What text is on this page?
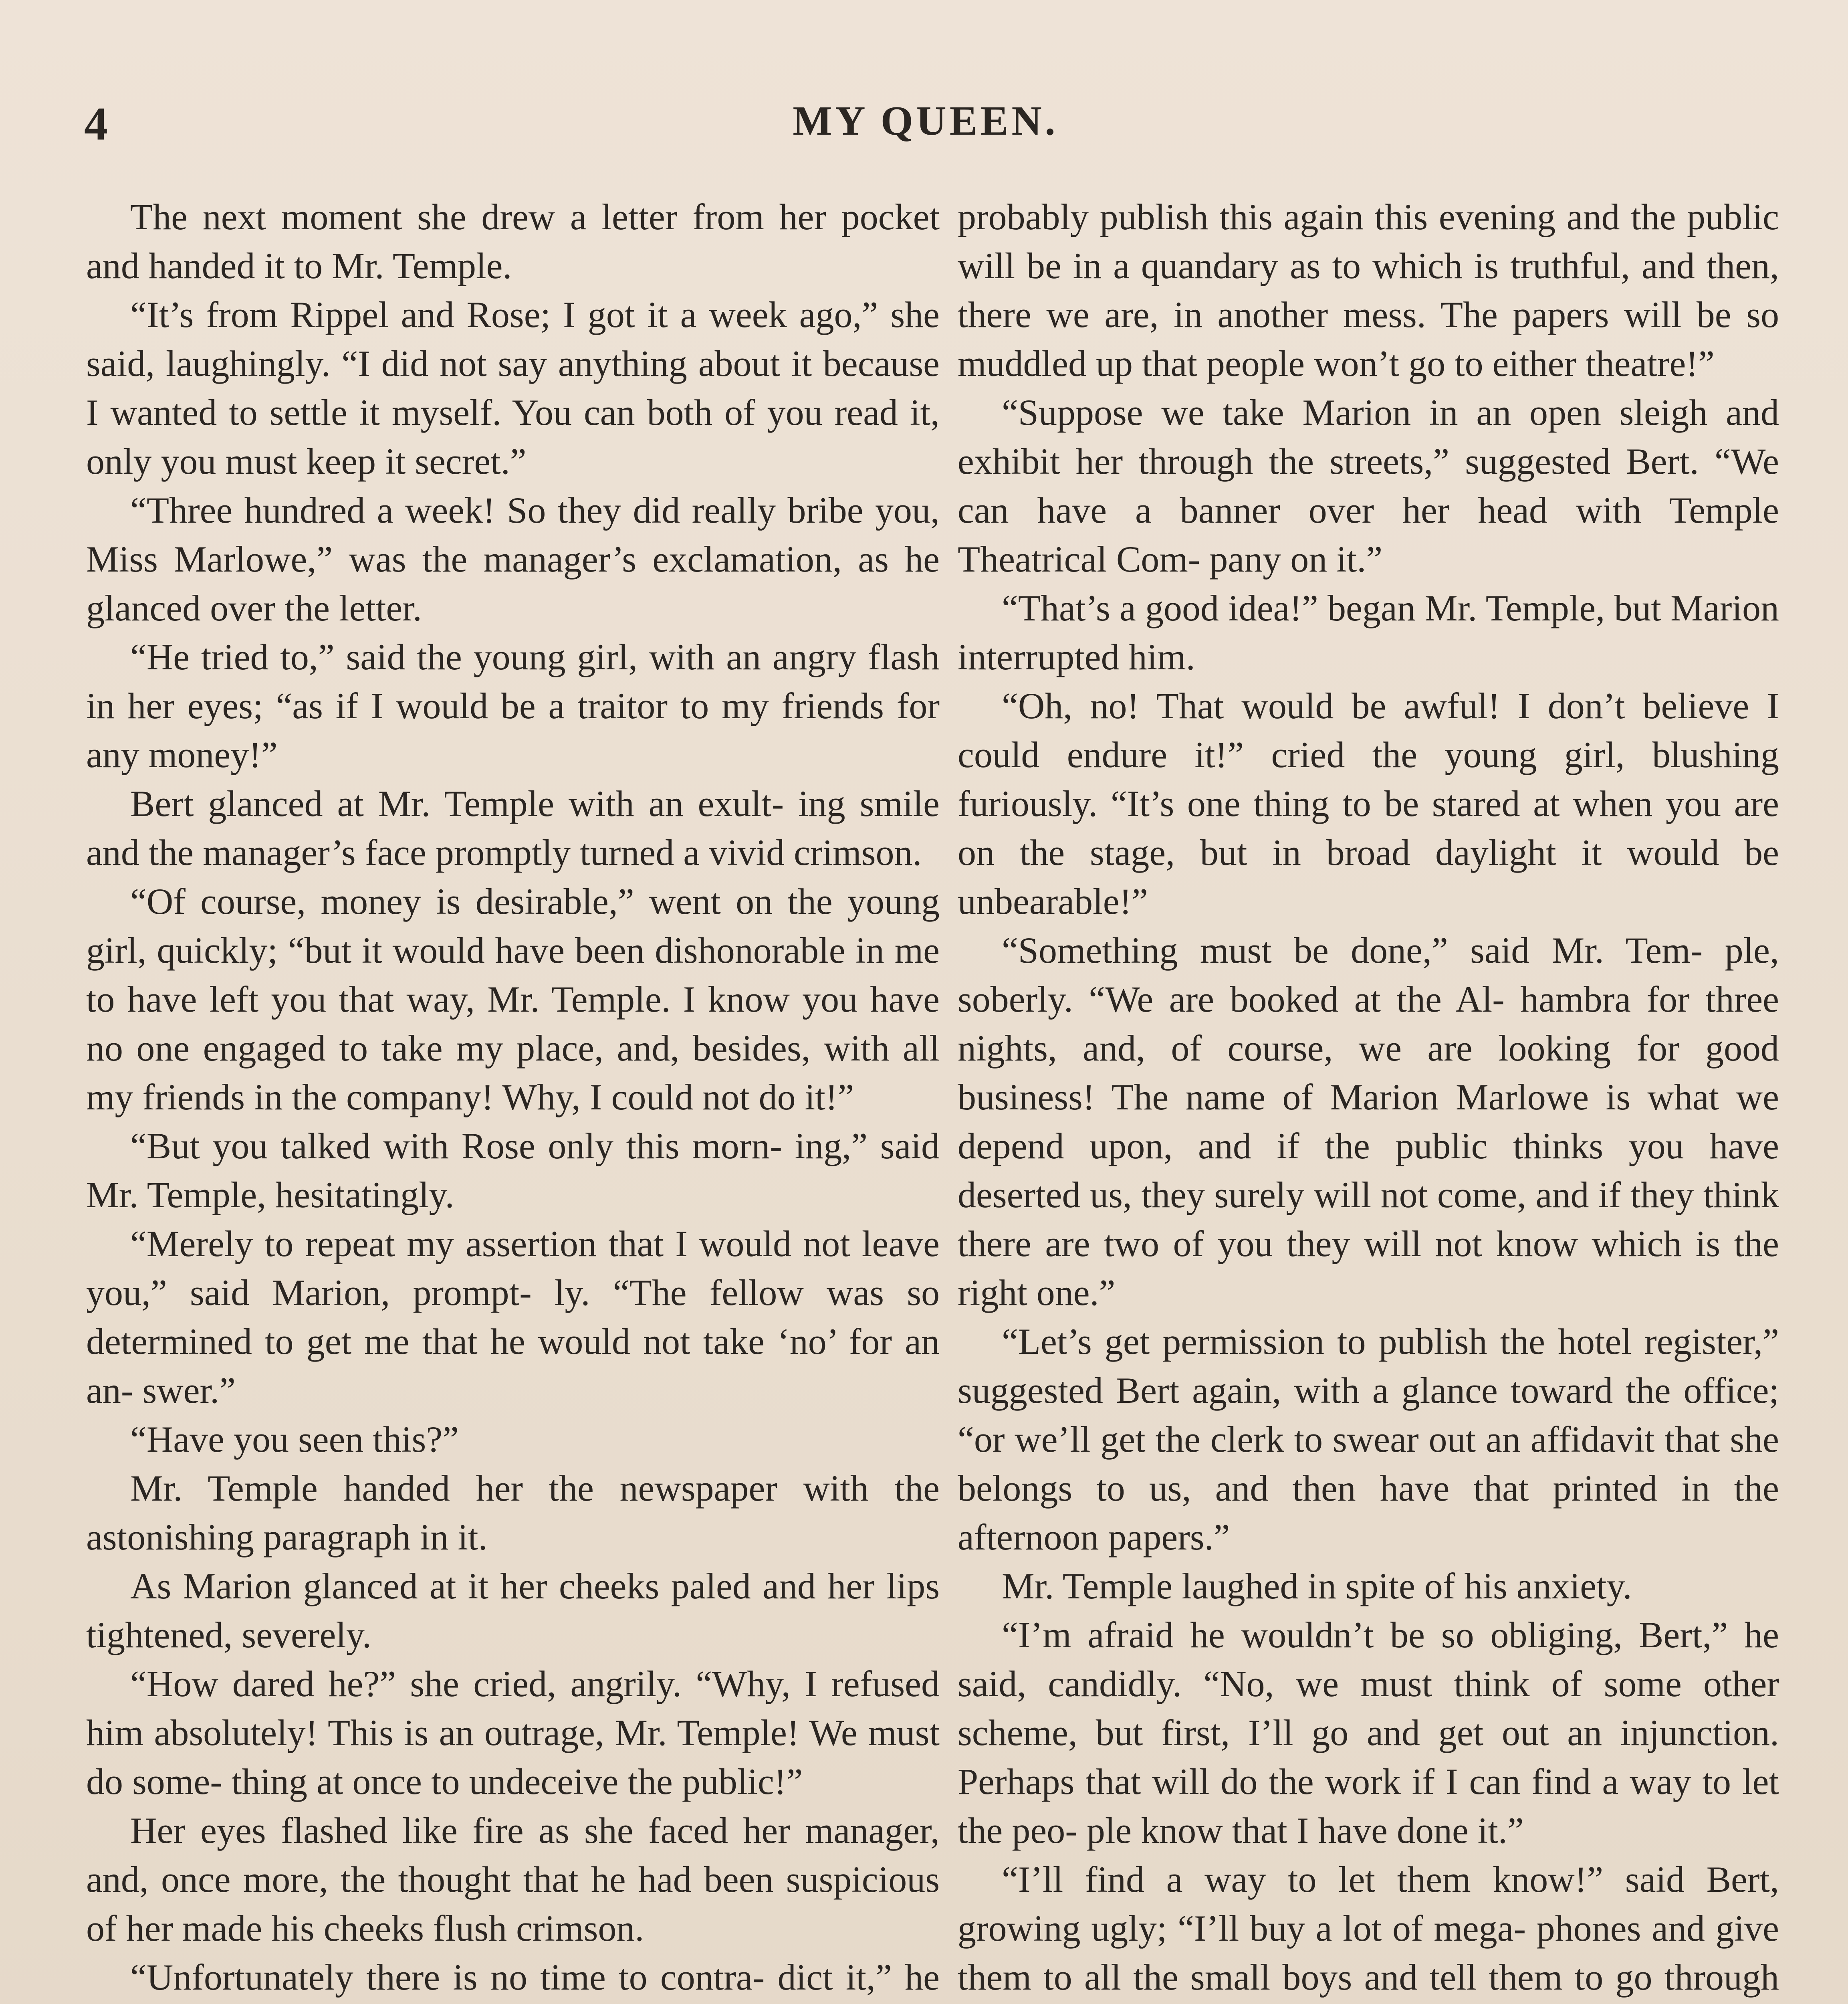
4	MY QUEEN.

The next moment she drew a letter from her pocket and handed it to Mr. Temple.

“It’s from Rippel and Rose; I got it a week ago,” she said, laughingly. “I did not say anything about it because I wanted to settle it myself. You can both of you read it, only you must keep it secret.”

“Three hundred a week! So they did really bribe you, Miss Marlowe,” was the manager’s exclamation, as he glanced over the letter.

“He tried to,” said the young girl, with an angry flash in her eyes; “as if I would be a traitor to my friends for any money!”

Bert glanced at Mr. Temple with an exult- ing smile and the manager’s face promptly turned a vivid crimson.

“Of course, money is desirable,” went on the young girl, quickly; “but it would have been dishonorable in me to have left you that way, Mr. Temple. I know you have no one engaged to take my place, and, besides, with all my friends in the company! Why, I could not do it!”

“But you talked with Rose only this morn- ing,” said Mr. Temple, hesitatingly.

“Merely to repeat my assertion that I would not leave you,” said Marion, prompt- ly. “The fellow was so determined to get me that he would not take ‘no’ for an an- swer.”

“Have you seen this?”

Mr. Temple handed her the newspaper with the astonishing paragraph in it.

As Marion glanced at it her cheeks paled and her lips tightened, severely.

“How dared he?” she cried, angrily. “Why, I refused him absolutely! This is an outrage, Mr. Temple! We must do some- thing at once to undeceive the public!”

Her eyes flashed like fire as she faced her manager, and, once more, the thought that he had been suspicious of her made his cheeks flush crimson.

“Unfortunately there is no time to contra- dict it,” he

probably publish this again this evening and the public will be in a quandary as to which is truthful, and then, there we are, in another mess. The papers will be so muddled up that people won’t go to either theatre!”

“Suppose we take Marion in an open sleigh and exhibit her through the streets,” suggested Bert. “We can have a banner over her head with Temple Theatrical Com- pany on it.”

“That’s a good idea!” began Mr. Temple, but Marion interrupted him.

“Oh, no! That would be awful! I don’t believe I could endure it!” cried the young girl, blushing furiously. “It’s one thing to be stared at when you are on the stage, but in broad daylight it would be unbearable!”

“Something must be done,” said Mr. Tem- ple, soberly. “We are booked at the Al- hambra for three nights, and, of course, we are looking for good business! The name of Marion Marlowe is what we depend upon, and if the public thinks you have deserted us, they surely will not come, and if they think there are two of you they will not know which is the right one.”

“Let’s get permission to publish the hotel register,” suggested Bert again, with a glance toward the office; “or we’ll get the clerk to swear out an affidavit that she belongs to us, and then have that printed in the afternoon papers.”

Mr. Temple laughed in spite of his anxiety.

“I’m afraid he wouldn’t be so obliging, Bert,” he said, candidly. “No, we must think of some other scheme, but first, I’ll go and get out an injunction. Perhaps that will do the work if I can find a way to let the peo- ple know that I have done it.”

“I’ll find a way to let them know!” said Bert, growing ugly; “I’ll buy a lot of mega- phones and give them to all the small boys and tell them to go through
